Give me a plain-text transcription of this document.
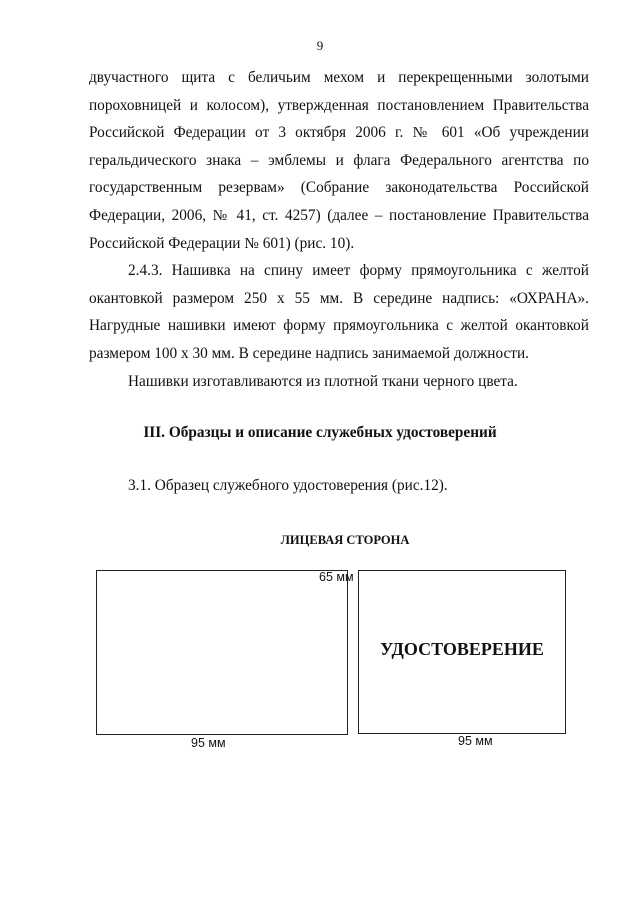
9

двучастного щита с беличьим мехом и перекрещенными золотыми пороховницей и колосом), утвержденная постановлением Правительства Российской Федерации от 3 октября 2006 г. № 601 «Об учреждении геральдического знака – эмблемы и флага Федерального агентства по государственным резервам» (Собрание законодательства Российской Федерации, 2006, № 41, ст. 4257) (далее – постановление Правительства Российской Федерации № 601) (рис. 10).

2.4.3. Нашивка на спину имеет форму прямоугольника с желтой окантовкой размером 250 х 55 мм. В середине надпись: «ОХРАНА». Нагрудные нашивки имеют форму прямоугольника с желтой окантовкой размером 100 х 30 мм. В середине надпись занимаемой должности.

Нашивки изготавливаются из плотной ткани черного цвета.

III. Образцы и описание служебных удостоверений
3.1. Образец служебного удостоверения (рис.12).
ЛИЦЕВАЯ СТОРОНА
УДОСТОВЕРЕНИЕ
65 мм
95 мм	95 мм
